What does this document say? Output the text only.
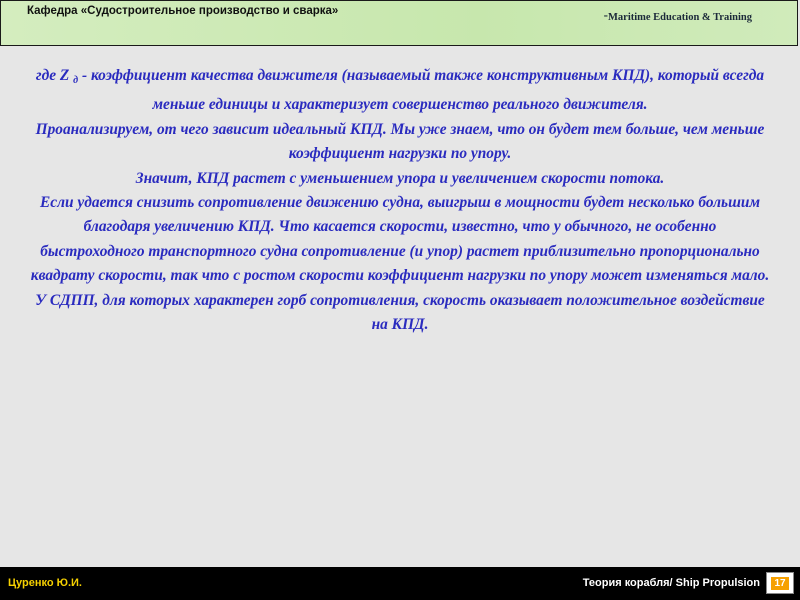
Кафедра «Судостроительное производство и сварка»	-Maritime Education & Training

где Z $_д$ - коэффициент качества движителя (называемый также конструктивным КПД), который всегда меньше единицы и характеризует совершенство реального движителя.

Проанализируем, от чего зависит идеальный КПД. Мы уже знаем, что он будет тем больше, чем меньше коэффициент нагрузки по упору.

Значит, КПД растет с уменьшением упора и увеличением скорости потока.

Если удается снизить сопротивление движению судна, выигрыш в мощности будет несколько большим благодаря увеличению КПД. Что касается скорости, известно, что у обычного, не особенно быстроходного транспортного судна сопротивление (и упор) растет приблизительно пропорционально квадрату скорости, так что с ростом скорости коэффициент нагрузки по упору может изменяться мало. У СДПП, для которых характерен горб сопротивления, скорость оказывает положительное воздействие на КПД.

Цуренко Ю.И.	Теория корабля/ Ship Propulsion	17
